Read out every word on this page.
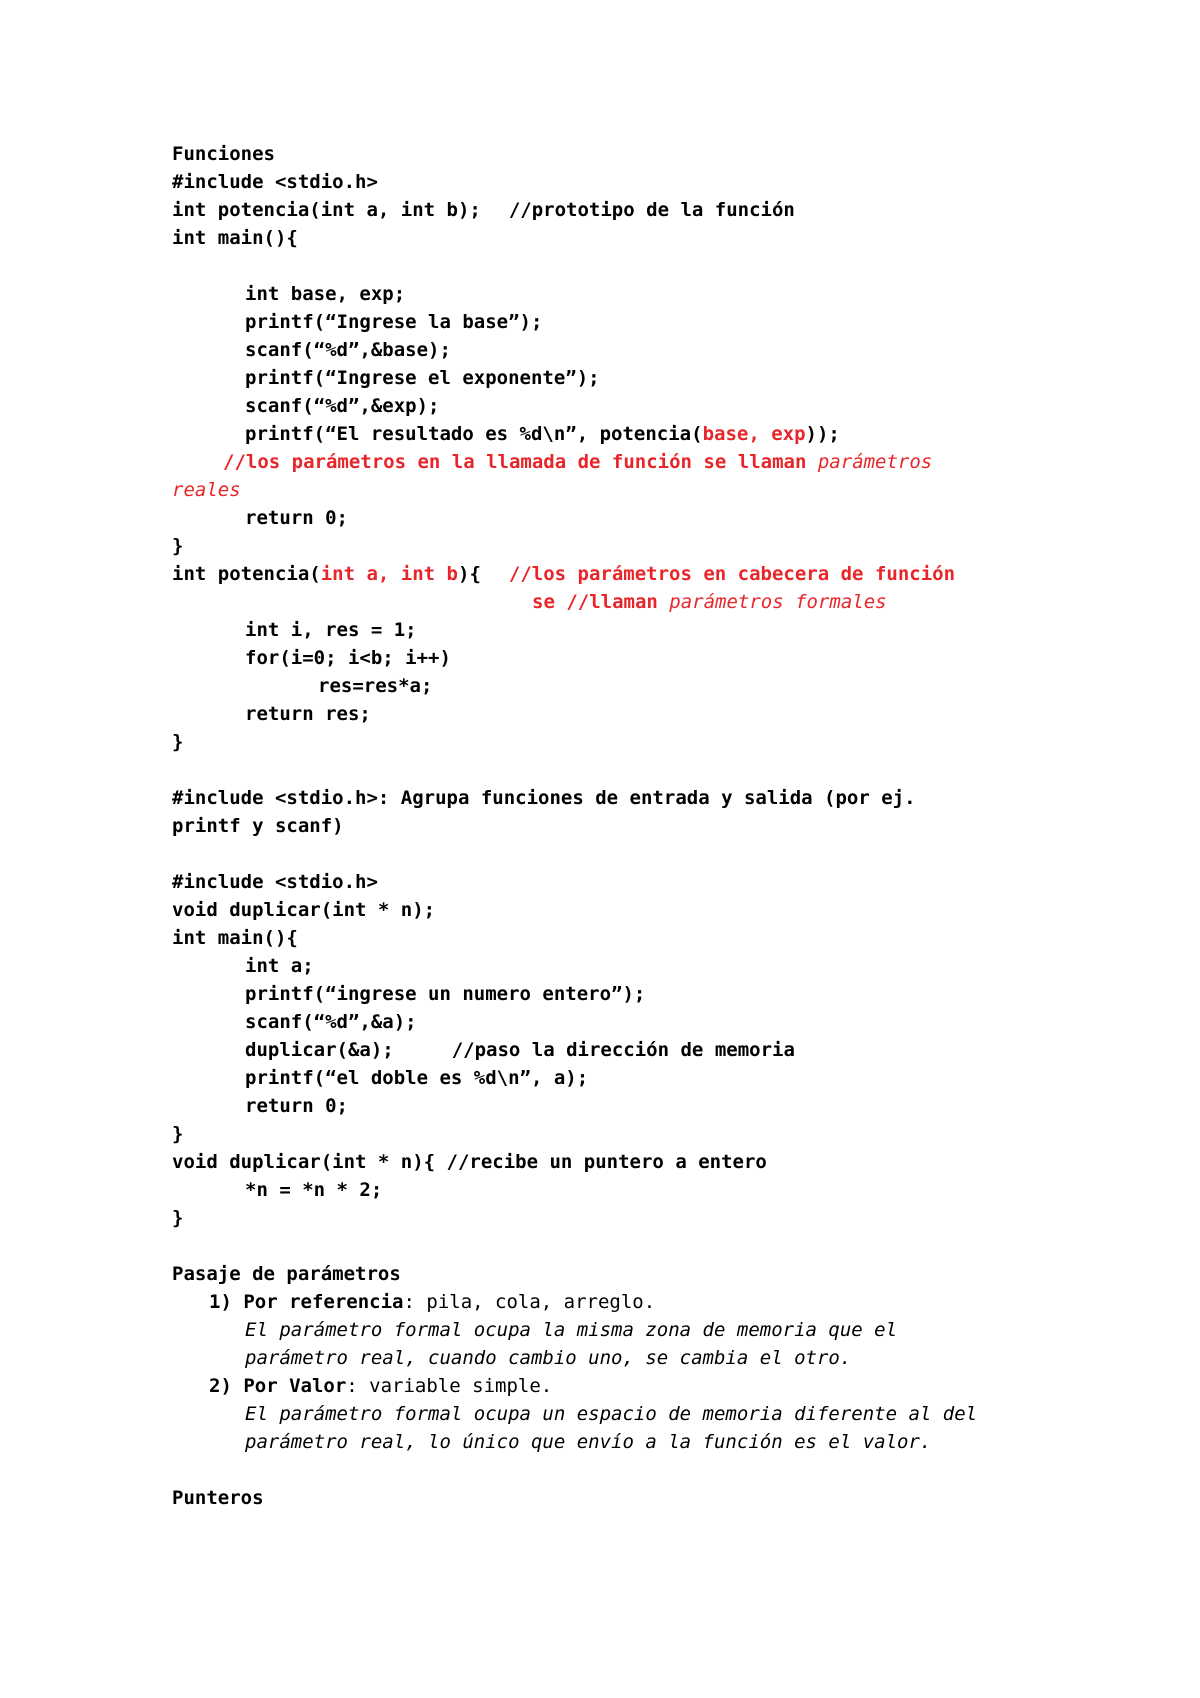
Funciones
#include <stdio.h>
int potencia(int a, int b); //prototipo de la función
int main(){
int base, exp;
printf(“Ingrese la base”);
scanf(“%d”,&base);
printf(“Ingrese el exponente”);
scanf(“%d”,&exp);
printf(“El resultado es %d\n”, potencia(base, exp));
//los parámetros en la llamada de función se llaman parámetros
reales
return 0;
}
int potencia(int a, int b){ //los parámetros en cabecera de función
se //llaman parámetros formales
int i, res = 1;
for(i=0; i<b; i++)
res=res*a;
return res;
}
#include <stdio.h>: Agrupa funciones de entrada y salida (por ej.
printf y scanf)
#include <stdio.h>
void duplicar(int * n);
int main(){
int a;
printf(“ingrese un numero entero”);
scanf(“%d”,&a);
duplicar(&a);	//paso la dirección de memoria
printf(“el doble es %d\n”, a);
return 0;
}
void duplicar(int * n){ //recibe un puntero a entero
*n = *n * 2;
}
Pasaje de parámetros
1) Por referencia: pila, cola, arreglo.
El parámetro formal ocupa la misma zona de memoria que el
parámetro real, cuando cambio uno, se cambia el otro.
2) Por Valor: variable simple.
El parámetro formal ocupa un espacio de memoria diferente al del
parámetro real, lo único que envío a la función es el valor.
Punteros
